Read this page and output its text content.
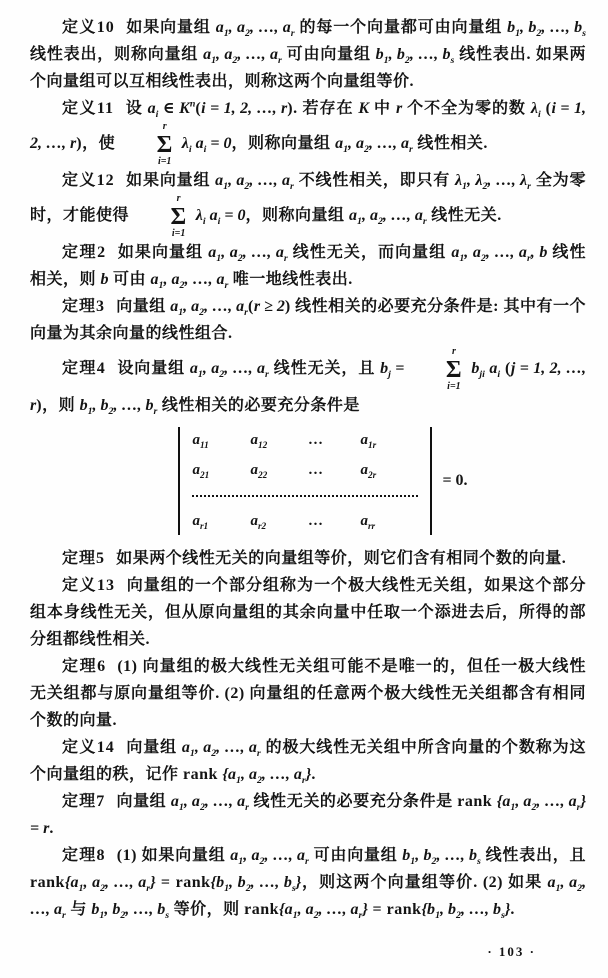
定义10 如果向量组 $a_1$, $a_2$, …, $a_r$ 的每一个向量都可由向量组 $b_1$, $b_2$, …, $b_s$ 线性表出，则称向量组 $a_1$, $a_2$, …, $a_r$ 可由向量组 $b_1$, $b_2$, …, $b_s$ 线性表出. 如果两个向量组可以互相线性表出，则称这两个向量组等价.

定义11 设 $a_i$ ∈ $K^n(i = 1$, 2, …, r). 若存在 K 中 r 个不全为零的数 $\lambda_i$ (i = 1, 2, …, r)，使
r
Σ
i=1
$\lambda_i$ $a_i = 0$，则称向量组 $a_1$, $a_2$, …, $a_r$ 线性相关.

定义12 如果向量组 $a_1$, $a_2$, …, $a_r$ 不线性相关，即只有 $\lambda_1$, $\lambda_2$, …, $\lambda_r$ 全为零时，才能使得
r
Σ
i=1
$\lambda_i$ $a_i = 0$，则称向量组 $a_1$, $a_2$, …, $a_r$ 线性无关.

定理2 如果向量组 $a_1$, $a_2$, …, $a_r$ 线性无关，而向量组 $a_1$, $a_2$, …, $a_r$, b 线性相关，则 b 可由 $a_1$, $a_2$, …, $a_r$ 唯一地线性表出.

定理3 向量组 $a_1$, $a_2$, …, $a_r(r \ge 2)$ 线性相关的必要充分条件是: 其中有一个向量为其余向量的线性组合.

定理4 设向量组 $a_1$, $a_2$, …, $a_r$ 线性无关，且 $b_j$ =
r
Σ
i=1
$b_{ji}$ $a_i$ (j = 1, 2, …, r)，则 $b_1$, $b_2$, …, $b_r$ 线性相关的必要充分条件是

$a_{11}$	$a_{12}$	…	$a_{1r}$
$a_{21}$	$a_{22}$	…	$a_{2r}$
$a_{r1}$	$a_{r2}$	…	$a_{rr}$
= 0.

定理5 如果两个线性无关的向量组等价，则它们含有相同个数的向量.

定义13 向量组的一个部分组称为一个极大线性无关组，如果这个部分组本身线性无关，但从原向量组的其余向量中任取一个添进去后，所得的部分组都线性相关.

定理6 (1) 向量组的极大线性无关组可能不是唯一的，但任一极大线性无关组都与原向量组等价. (2) 向量组的任意两个极大线性无关组都含有相同个数的向量.

定义14 向量组 $a_1$, $a_2$, …, $a_r$ 的极大线性无关组中所含向量的个数称为这个向量组的秩，记作 rank {$a_1$, $a_2$, …, $a_r$}.

定理7 向量组 $a_1$, $a_2$, …, $a_r$ 线性无关的必要充分条件是 rank {$a_1$, $a_2$, …, $a_r\} = r$.

定理8 (1) 如果向量组 $a_1$, $a_2$, …, $a_r$ 可由向量组 $b_1$, $b_2$, …, $b_s$ 线性表出，且 $rank\{a_1$, $a_2$, …, $a_r$} = $rank\{b_1$, $b_2$, …, $b_s$}，则这两个向量组等价. (2) 如果 $a_1$, $a_2$, …, $a_r$ 与 $b_1$, $b_2$, …, $b_s$ 等价，则 $rank\{a_1$, $a_2$, …, $a_r$} = $rank\{b_1$, $b_2$, …, $b_s$}.

· 103 ·
